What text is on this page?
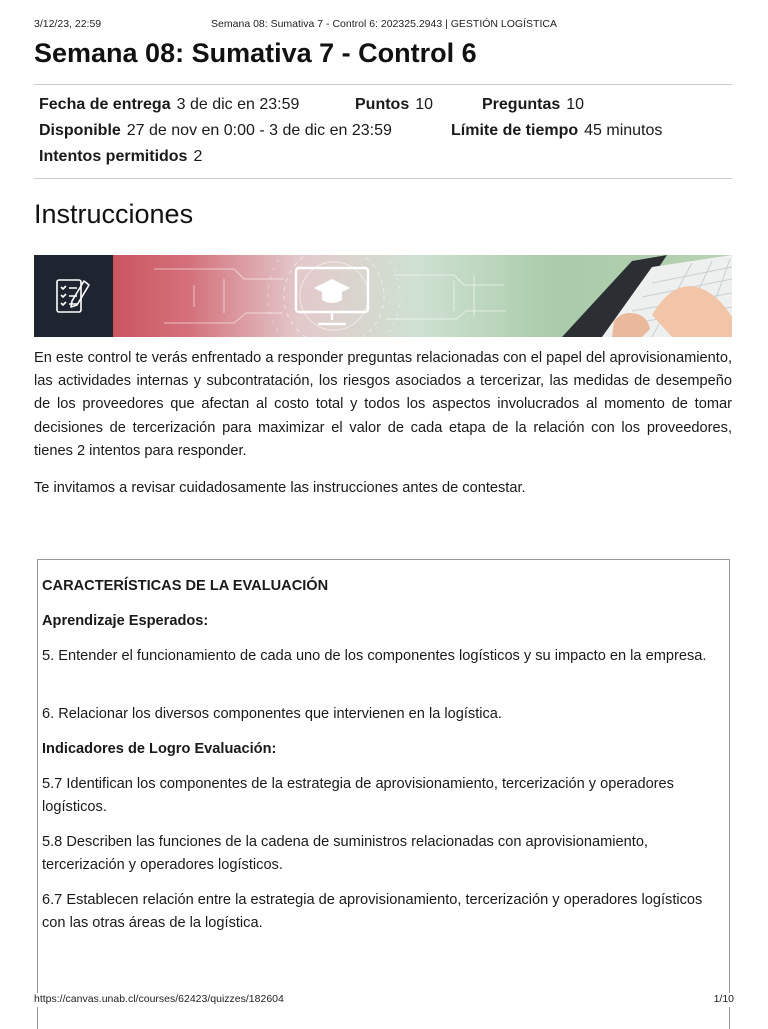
3/12/23, 22:59	Semana 08: Sumativa 7 - Control 6: 202325.2943 | GESTIÓN LOGÍSTICA
Semana 08: Sumativa 7 - Control 6
Fecha de entrega 3 de dic en 23:59	Puntos 10	Preguntas 10
Disponible 27 de nov en 0:00 - 3 de dic en 23:59	Límite de tiempo 45 minutos
Intentos permitidos 2
Instrucciones

En este control te verás enfrentado a responder preguntas relacionadas con el papel del aprovisionamiento, las actividades internas y subcontratación, los riesgos asociados a tercerizar, las medidas de desempeño de los proveedores que afectan al costo total y todos los aspectos involucrados al momento de tomar decisiones de tercerización para maximizar el valor de cada etapa de la relación con los proveedores, tienes 2 intentos para responder.

Te invitamos a revisar cuidadosamente las instrucciones antes de contestar.

CARACTERÍSTICAS DE LA EVALUACIÓN

Aprendizaje Esperados:

5. Entender el funcionamiento de cada uno de los componentes logísticos y su impacto en la empresa.

6. Relacionar los diversos componentes que intervienen en la logística.

Indicadores de Logro Evaluación:

5.7 Identifican los componentes de la estrategia de aprovisionamiento, tercerización y operadores logísticos.

5.8 Describen las funciones de la cadena de suministros relacionadas con aprovisionamiento, tercerización y operadores logísticos.

6.7 Establecen relación entre la estrategia de aprovisionamiento, tercerización y operadores logísticos con las otras áreas de la logística.

https://canvas.unab.cl/courses/62423/quizzes/182604	1/10
